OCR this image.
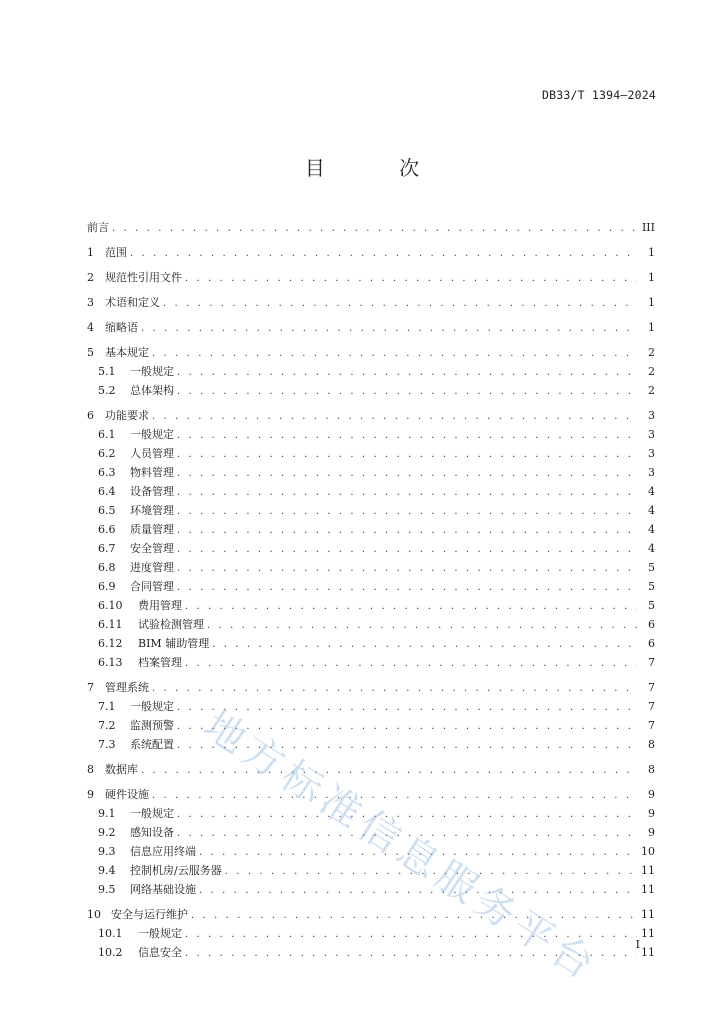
DB33/T 1394—2024
目 次
前言 . . .	III
1	范围 . . .	1
2	规范性引用文件 . . .	1
3	术语和定义 . . .	1
4	缩略语 . . .	1
5	基本规定 . . .	2
5.1	一般规定 . . .	2
5.2	总体架构 . . .	2
6	功能要求 . . .	3
6.1	一般规定 . . .	3
6.2	人员管理 . . .	3
6.3	物料管理 . . .	3
6.4	设备管理 . . .	4
6.5	环境管理 . . .	4
6.6	质量管理 . . .	4
6.7	安全管理 . . .	4
6.8	进度管理 . . .	5
6.9	合同管理 . . .	5
6.10	费用管理 . . .	5
6.11	试验检测管理 . . .	6
6.12	BIM 辅助管理 . . .	6
6.13	档案管理 . . .	7
7	管理系统 . . .	7
7.1	一般规定 . . .	7
7.2	监测预警 . . .	7
7.3	系统配置 . . .	8
8	数据库 . . .	8
9	硬件设施 . . .	9
9.1	一般规定 . . .	9
9.2	感知设备 . . .	9
9.3	信息应用终端 . . .	10
9.4	控制机房/云服务器 . . .	11
9.5	网络基础设施 . . .	11
10 安全与运行维护 . . .	11
10.1	一般规定 . . .	11
10.2	信息安全 . . .	11
I
地方标准信息服务平台
